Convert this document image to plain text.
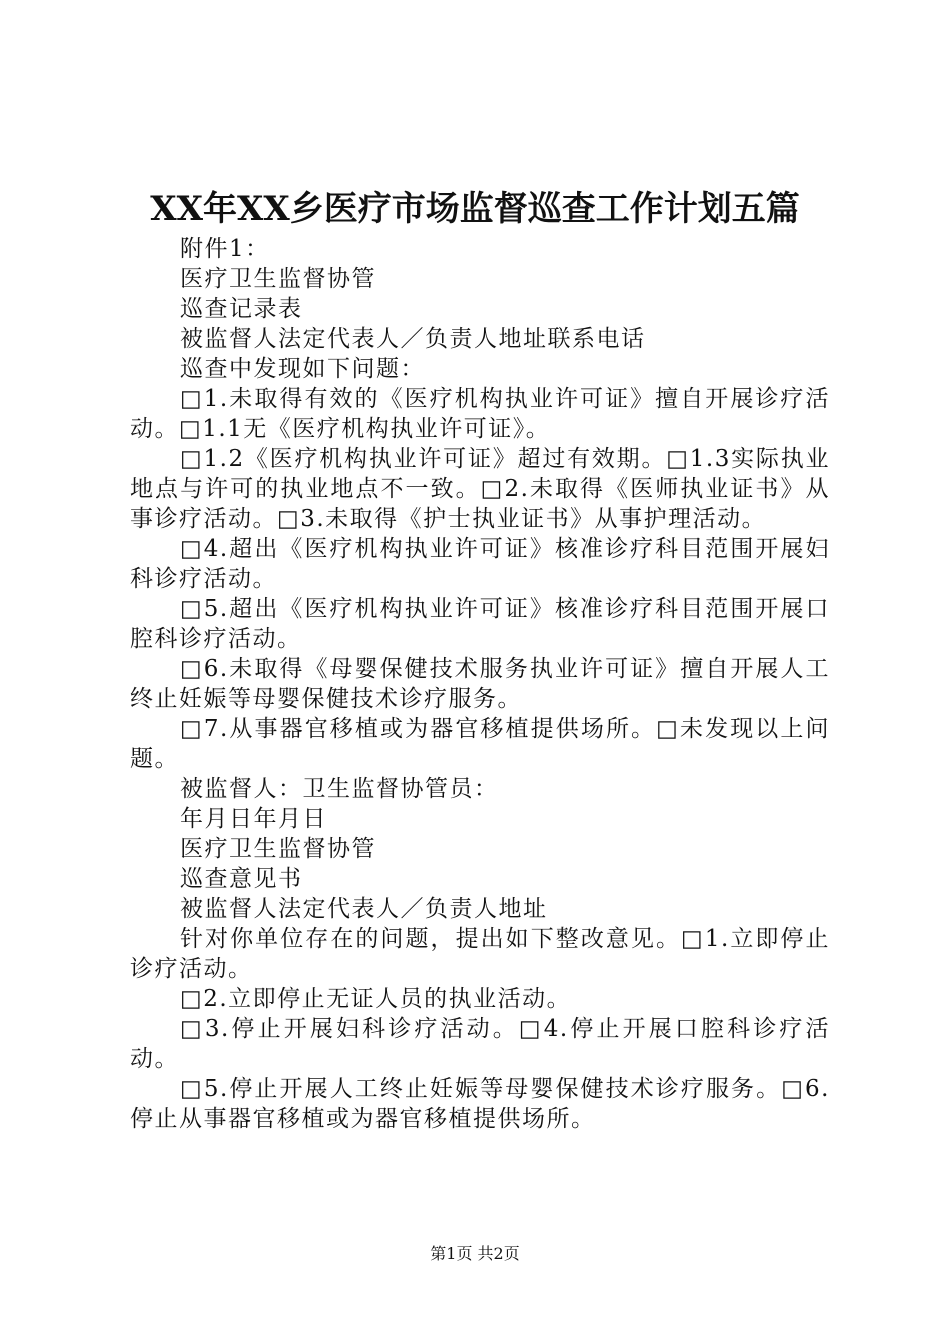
XX年XX乡医疗市场监督巡查工作计划五篇

附件1：

医疗卫生监督协管

巡查记录表

被监督人法定代表人／负责人地址联系电话

巡查中发现如下问题：

□1.未取得有效的《医疗机构执业许可证》擅自开展诊疗活动。□1.1无《医疗机构执业许可证》。

□1.2《医疗机构执业许可证》超过有效期。□1.3实际执业地点与许可的执业地点不一致。□2.未取得《医师执业证书》从事诊疗活动。□3.未取得《护士执业证书》从事护理活动。

□4.超出《医疗机构执业许可证》核准诊疗科目范围开展妇科诊疗活动。

□5.超出《医疗机构执业许可证》核准诊疗科目范围开展口腔科诊疗活动。

□6.未取得《母婴保健技术服务执业许可证》擅自开展人工终止妊娠等母婴保健技术诊疗服务。

□7.从事器官移植或为器官移植提供场所。□未发现以上问题。

被监督人：卫生监督协管员：

年月日年月日

医疗卫生监督协管

巡查意见书

被监督人法定代表人／负责人地址

针对你单位存在的问题，提出如下整改意见。□1.立即停止诊疗活动。

□2.立即停止无证人员的执业活动。

□3.停止开展妇科诊疗活动。□4.停止开展口腔科诊疗活动。

□5.停止开展人工终止妊娠等母婴保健技术诊疗服务。□6.停止从事器官移植或为器官移植提供场所。

第1页 共2页
